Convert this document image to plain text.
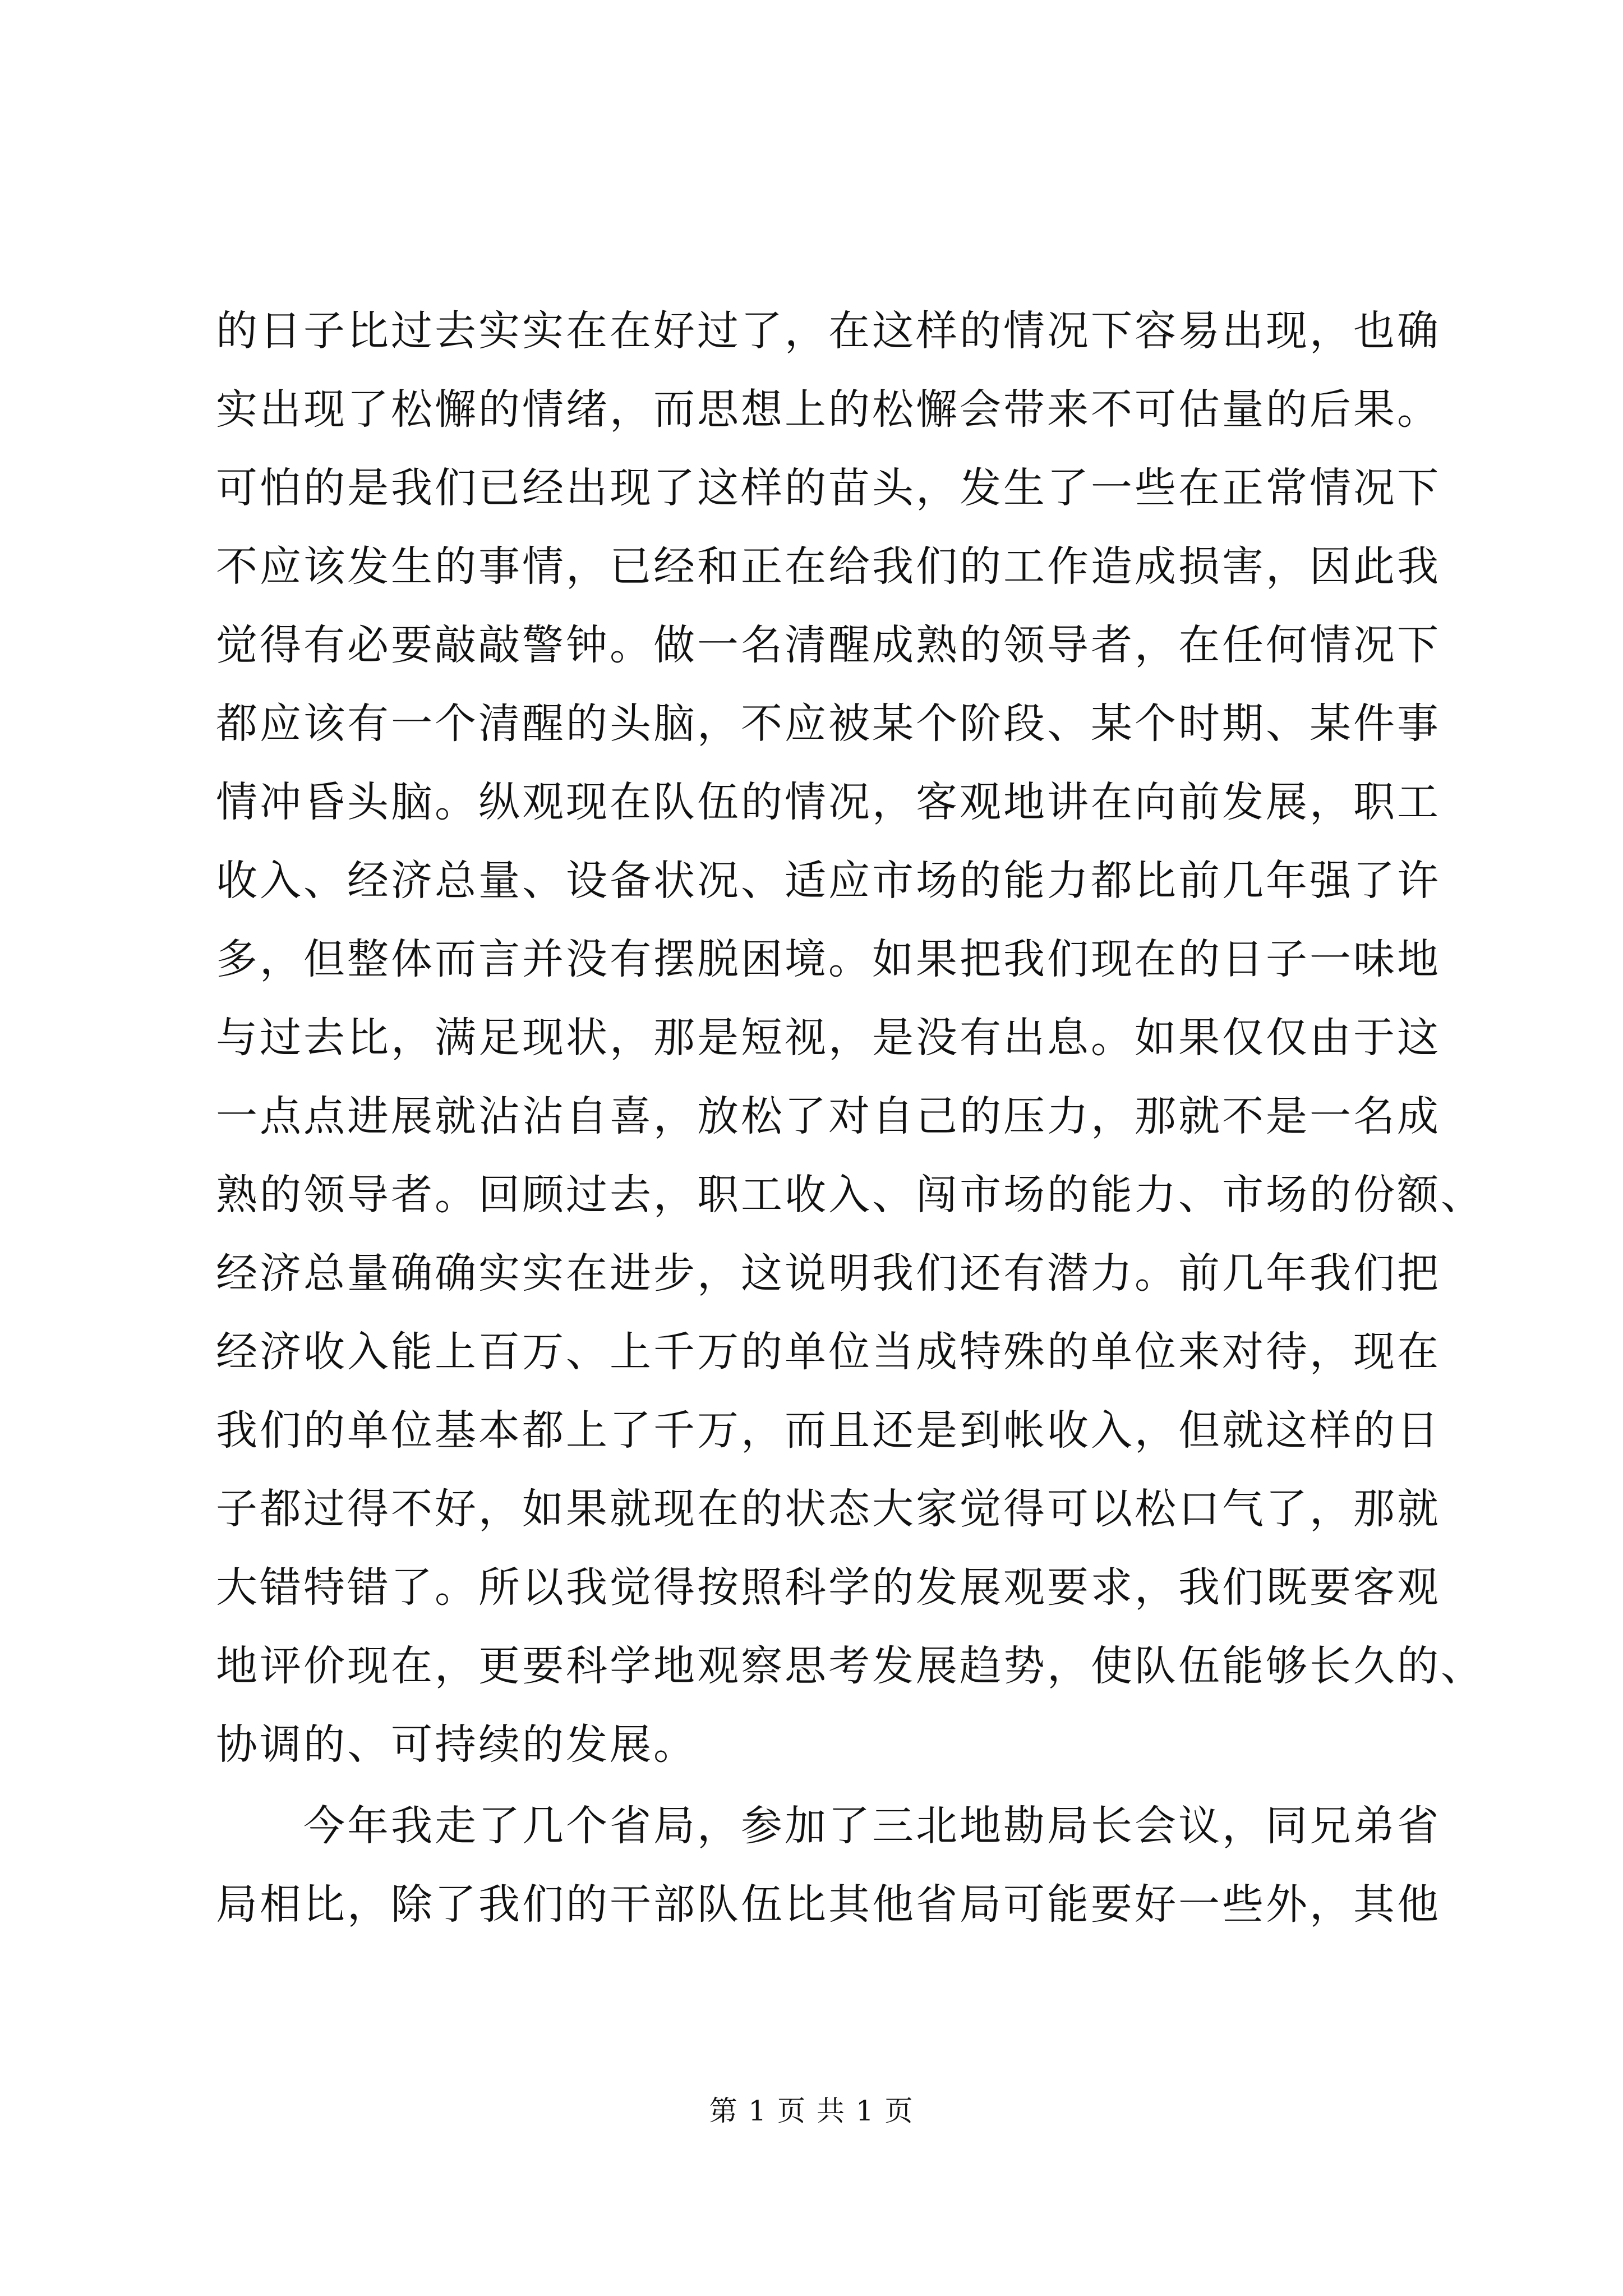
的日子比过去实实在在好过了，在这样的情况下容易出现，也确
实出现了松懈的情绪，而思想上的松懈会带来不可估量的后果。
可怕的是我们已经出现了这样的苗头，发生了一些在正常情况下
不应该发生的事情，已经和正在给我们的工作造成损害，因此我
觉得有必要敲敲警钟。做一名清醒成熟的领导者，在任何情况下
都应该有一个清醒的头脑，不应被某个阶段、某个时期、某件事
情冲昏头脑。纵观现在队伍的情况，客观地讲在向前发展，职工
收入、经济总量、设备状况、适应市场的能力都比前几年强了许
多，但整体而言并没有摆脱困境。如果把我们现在的日子一味地
与过去比，满足现状，那是短视，是没有出息。如果仅仅由于这
一点点进展就沾沾自喜，放松了对自己的压力，那就不是一名成
熟的领导者。回顾过去，职工收入、闯市场的能力、市场的份额、
经济总量确确实实在进步，这说明我们还有潜力。前几年我们把
经济收入能上百万、上千万的单位当成特殊的单位来对待，现在
我们的单位基本都上了千万，而且还是到帐收入，但就这样的日
子都过得不好，如果就现在的状态大家觉得可以松口气了，那就
大错特错了。所以我觉得按照科学的发展观要求，我们既要客观
地评价现在，更要科学地观察思考发展趋势，使队伍能够长久的、
协调的、可持续的发展。
　　今年我走了几个省局，参加了三北地勘局长会议，同兄弟省
局相比，除了我们的干部队伍比其他省局可能要好一些外，其他
第 1 页 共 1 页
